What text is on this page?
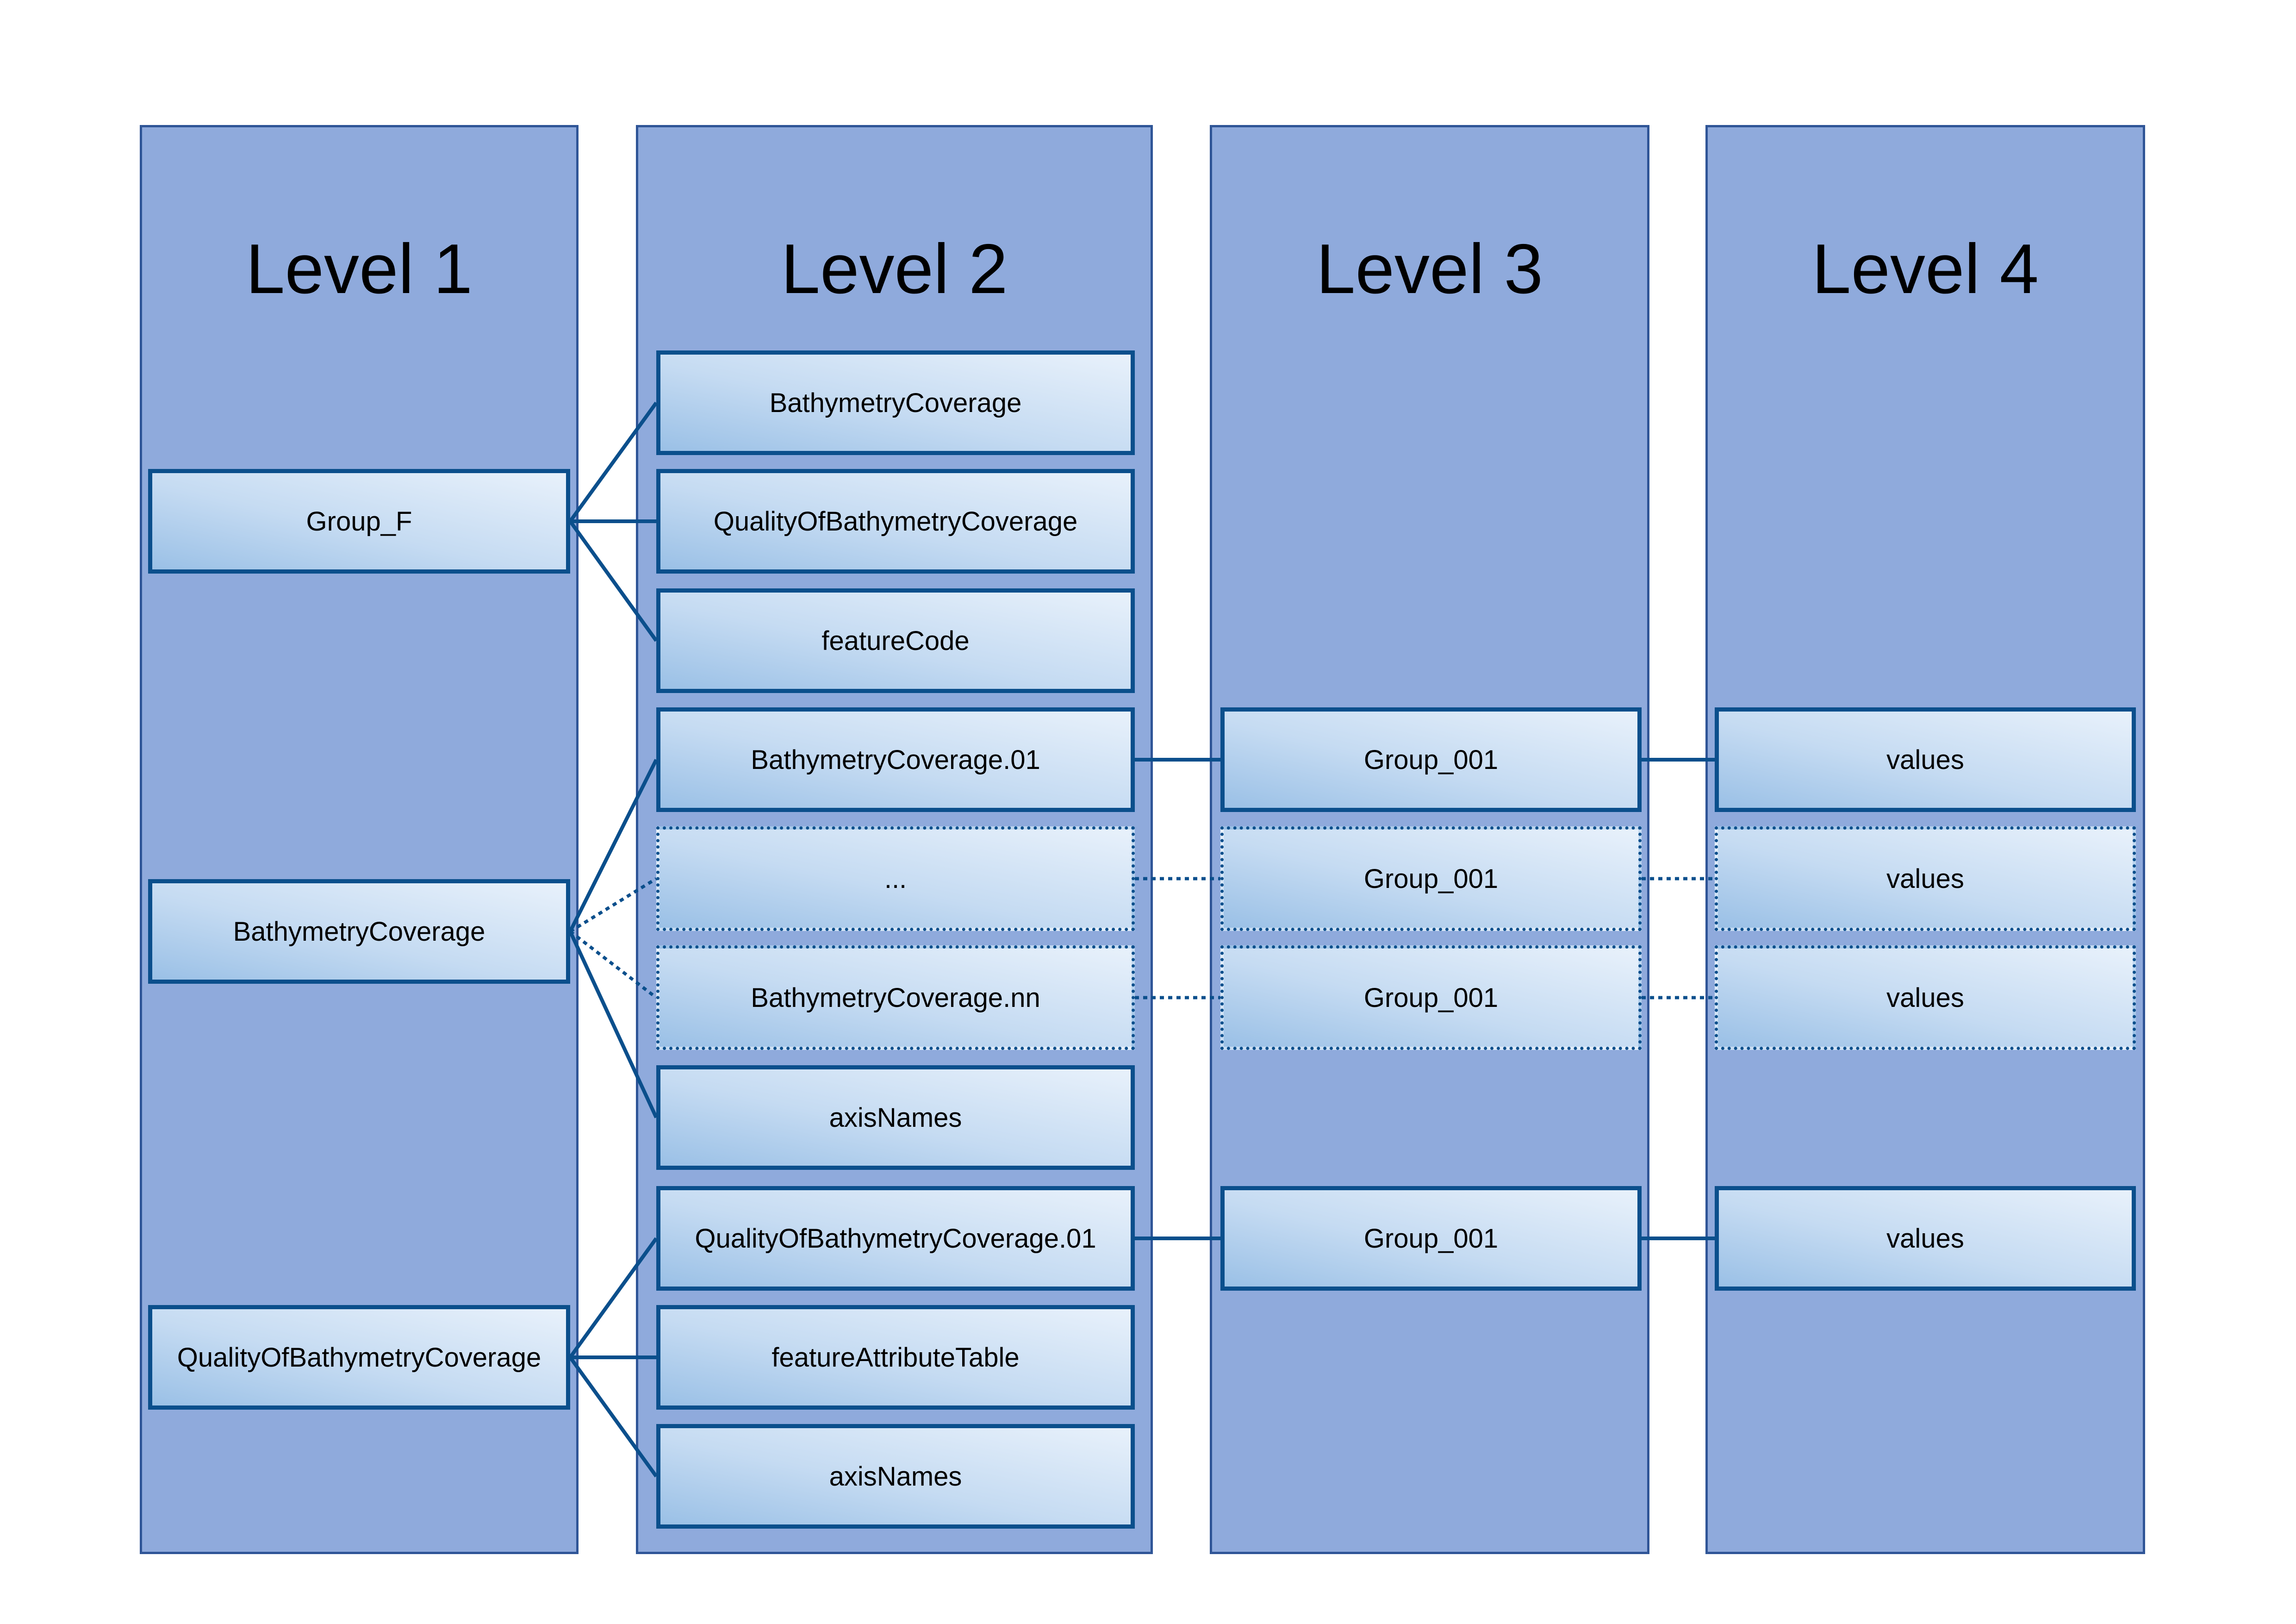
Level 1	Level 2	Level 3	Level 4
Group_F
BathymetryCoverage
QualityOfBathymetryCoverage
BathymetryCoverage
QualityOfBathymetryCoverage
featureCode
BathymetryCoverage.01
...
BathymetryCoverage.nn
axisNames
QualityOfBathymetryCoverage.01
featureAttributeTable
axisNames
Group_001
Group_001
Group_001
Group_001
values
values
values
values
